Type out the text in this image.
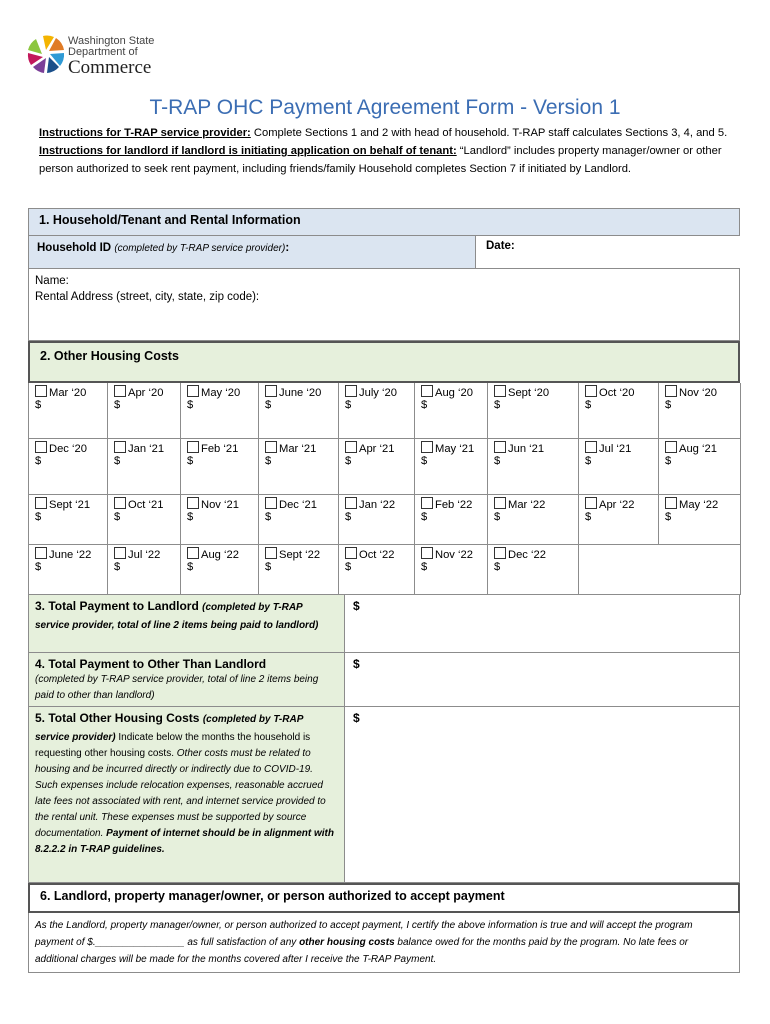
Washington State
Department of
Commerce
T-RAP OHC Payment Agreement Form - Version 1
Instructions for T-RAP service provider: Complete Sections 1 and 2 with head of household. T-RAP staff calculates Sections 3, 4, and 5. Instructions for landlord if landlord is initiating application on behalf of tenant: “Landlord” includes property manager/owner or other person authorized to seek rent payment, including friends/family Household completes Section 7 if initiated by Landlord.
1. Household/Tenant and Rental Information
Household ID (completed by T-RAP service provider):	Date:
Name:
Rental Address (street, city, state, zip code):
2. Other Housing Costs
Mar ‘20
$
Apr ‘20
$
May ‘20
$
June ‘20
$
July ‘20
$
Aug ‘20
$
Sept ‘20
$
Oct ‘20
$
Nov ‘20
$
Dec ‘20
$
Jan ‘21
$
Feb ‘21
$
Mar ‘21
$
Apr ‘21
$
May ‘21
$
Jun ‘21
$
Jul ‘21
$
Aug ‘21
$
Sept ‘21
$
Oct ‘21
$
Nov ‘21
$
Dec ‘21
$
Jan ‘22
$
Feb ‘22
$
Mar ‘22
$
Apr ‘22
$
May ‘22
$
June ‘22
$
Jul ‘22
$
Aug ‘22
$
Sept ‘22
$
Oct ‘22
$
Nov ‘22
$
Dec ‘22
$
3. Total Payment to Landlord (completed by T-RAP service provider, total of line 2 items being paid to landlord)
$
4. Total Payment to Other Than Landlord
(completed by T-RAP service provider, total of line 2 items being paid to other than landlord)
$
5. Total Other Housing Costs (completed by T-RAP service provider) Indicate below the months the household is requesting other housing costs. Other costs must be related to housing and be incurred directly or indirectly due to COVID-19. Such expenses include relocation expenses, reasonable accrued late fees not associated with rent, and internet service provided to the rental unit. These expenses must be supported by source documentation. Payment of internet should be in alignment with 8.2.2.2 in T-RAP guidelines.
$
6. Landlord, property manager/owner, or person authorized to accept payment
As the Landlord, property manager/owner, or person authorized to accept payment, I certify the above information is true and will accept the program payment of $.________________ as full satisfaction of any other housing costs balance owed for the months paid by the program. No late fees or additional charges will be made for the months covered after I receive the T-RAP Payment.
